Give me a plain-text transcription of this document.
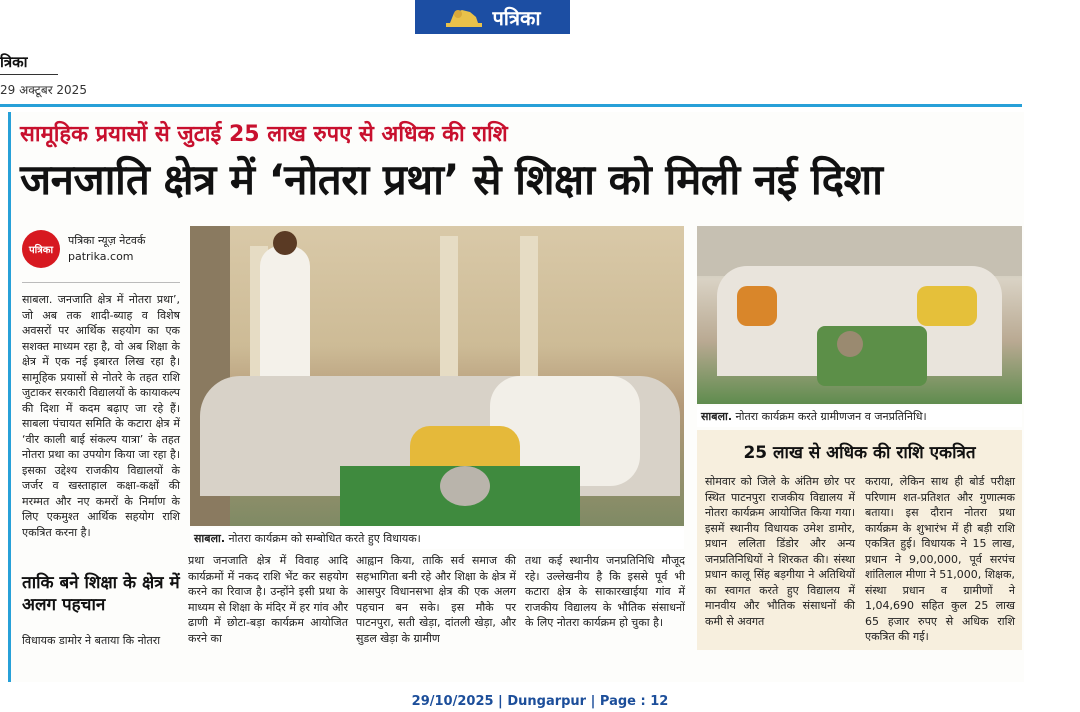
पत्रिका
त्रिका
29 अक्टूबर 2025
सामूहिक प्रयासों से जुटाई 25 लाख रुपए से अधिक की राशि
जनजाति क्षेत्र में ‘नोतरा प्रथा’ से शिक्षा को मिली नई दिशा
पत्रिका
पत्रिका न्यूज़ नेटवर्क
patrika.com
साबला. जनजाति क्षेत्र में नोतरा प्रथा’, जो अब तक शादी-ब्याह व विशेष अवसरों पर आर्थिक सहयोग का एक सशक्त माध्यम रहा है, वो अब शिक्षा के क्षेत्र में एक नई इबारत लिख रहा है। सामूहिक प्रयासों से नोतरे के तहत राशि जुटाकर सरकारी विद्यालयों के कायाकल्प की दिशा में कदम बढ़ाए जा रहे हैं। साबला पंचायत समिति के कटारा क्षेत्र में ‘वीर काली बाई संकल्प यात्रा’ के तहत नोतरा प्रथा का उपयोग किया जा रहा है। इसका उद्देश्य राजकीय विद्यालयों के जर्जर व खस्ताहाल कक्षा-कक्षों की मरम्मत और नए कमरों के निर्माण के लिए एकमुश्त आर्थिक सहयोग राशि एकत्रित करना है।
ताकि बने शिक्षा के क्षेत्र में अलग पहचान
विधायक डामोर ने बताया कि नोतरा
साबला. नोतरा कार्यक्रम को सम्बोधित करते हुए विधायक।
प्रथा जनजाति क्षेत्र में विवाह आदि कार्यक्रमों में नकद राशि भेंट कर सहयोग करने का रिवाज है। उन्होंने इसी प्रथा के माध्यम से शिक्षा के मंदिर में हर गांव और ढाणी में छोटा-बड़ा कार्यक्रम आयोजित करने का
आह्वान किया, ताकि सर्व समाज की सहभागिता बनी रहे और शिक्षा के क्षेत्र में आसपुर विधानसभा क्षेत्र की एक अलग पहचान बन सके। इस मौके पर पाटनपुरा, सती खेड़ा, दांतली खेड़ा, और सुडल खेड़ा के ग्रामीण
तथा कई स्थानीय जनप्रतिनिधि मौजूद रहे। उल्लेखनीय है कि इससे पूर्व भी कटारा क्षेत्र के साकारखाईया गांव में राजकीय विद्यालय के भौतिक संसाधनों के लिए नोतरा कार्यक्रम हो चुका है।
साबला. नोतरा कार्यक्रम करते ग्रामीणजन व जनप्रतिनिधि।
25 लाख से अधिक की राशि एकत्रित
सोमवार को जिले के अंतिम छोर पर स्थित पाटनपुरा राजकीय विद्यालय में नोतरा कार्यक्रम आयोजित किया गया। इसमें स्थानीय विधायक उमेश डामोर, प्रधान ललिता डिंडोर और अन्य जनप्रतिनिधियों ने शिरकत की। संस्था प्रधान कालू सिंह बड़गीया ने अतिथियों का स्वागत करते हुए विद्यालय में मानवीय और भौतिक संसाधनों की कमी से अवगत
कराया, लेकिन साथ ही बोर्ड परीक्षा परिणाम शत-प्रतिशत और गुणात्मक बताया। इस दौरान नोतरा प्रथा कार्यक्रम के शुभारंभ में ही बड़ी राशि एकत्रित हुई। विधायक ने 15 लाख, प्रधान ने 9,00,000, पूर्व सरपंच शांतिलाल मीणा ने 51,000, शिक्षक, संस्था प्रधान व ग्रामीणों ने 1,04,690 सहित कुल 25 लाख 65 हजार रुपए से अधिक राशि एकत्रित की गई।
29/10/2025 | Dungarpur | Page : 12
